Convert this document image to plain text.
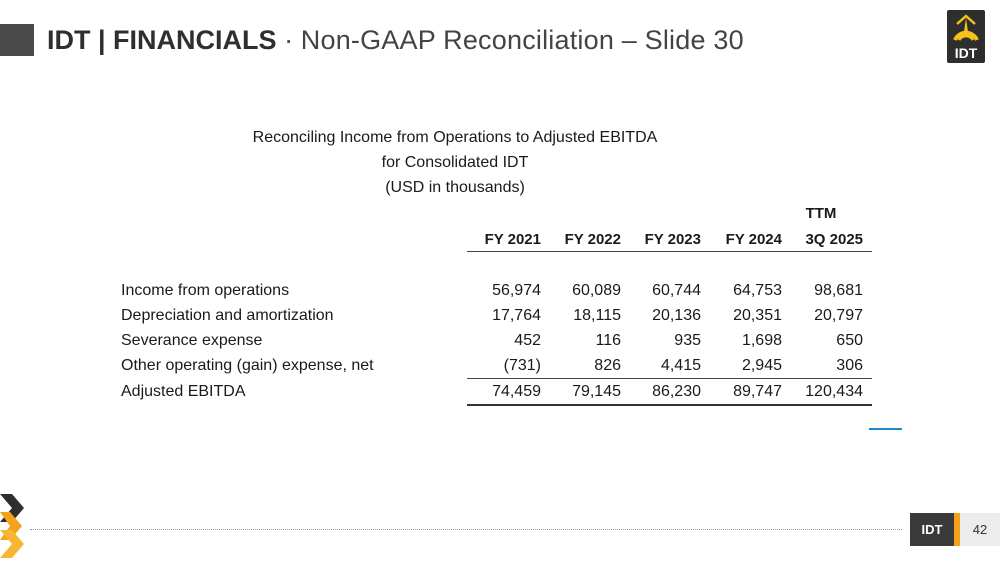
IDT | FINANCIALS · Non-GAAP Reconciliation – Slide 30	IDT
Reconciling Income from Operations to Adjusted EBITDA
for Consolidated IDT
(USD in thousands)
TTM
FY 2021	FY 2022	FY 2023	FY 2024	3Q 2025
Income from operations	56,974	60,089	60,744	64,753	98,681
Depreciation and amortization	17,764	18,115	20,136	20,351	20,797
Severance expense	452	116	935	1,698	650
Other operating (gain) expense, net	(731)	826	4,415	2,945	306
Adjusted EBITDA	74,459	79,145	86,230	89,747	120,434
IDT	42
